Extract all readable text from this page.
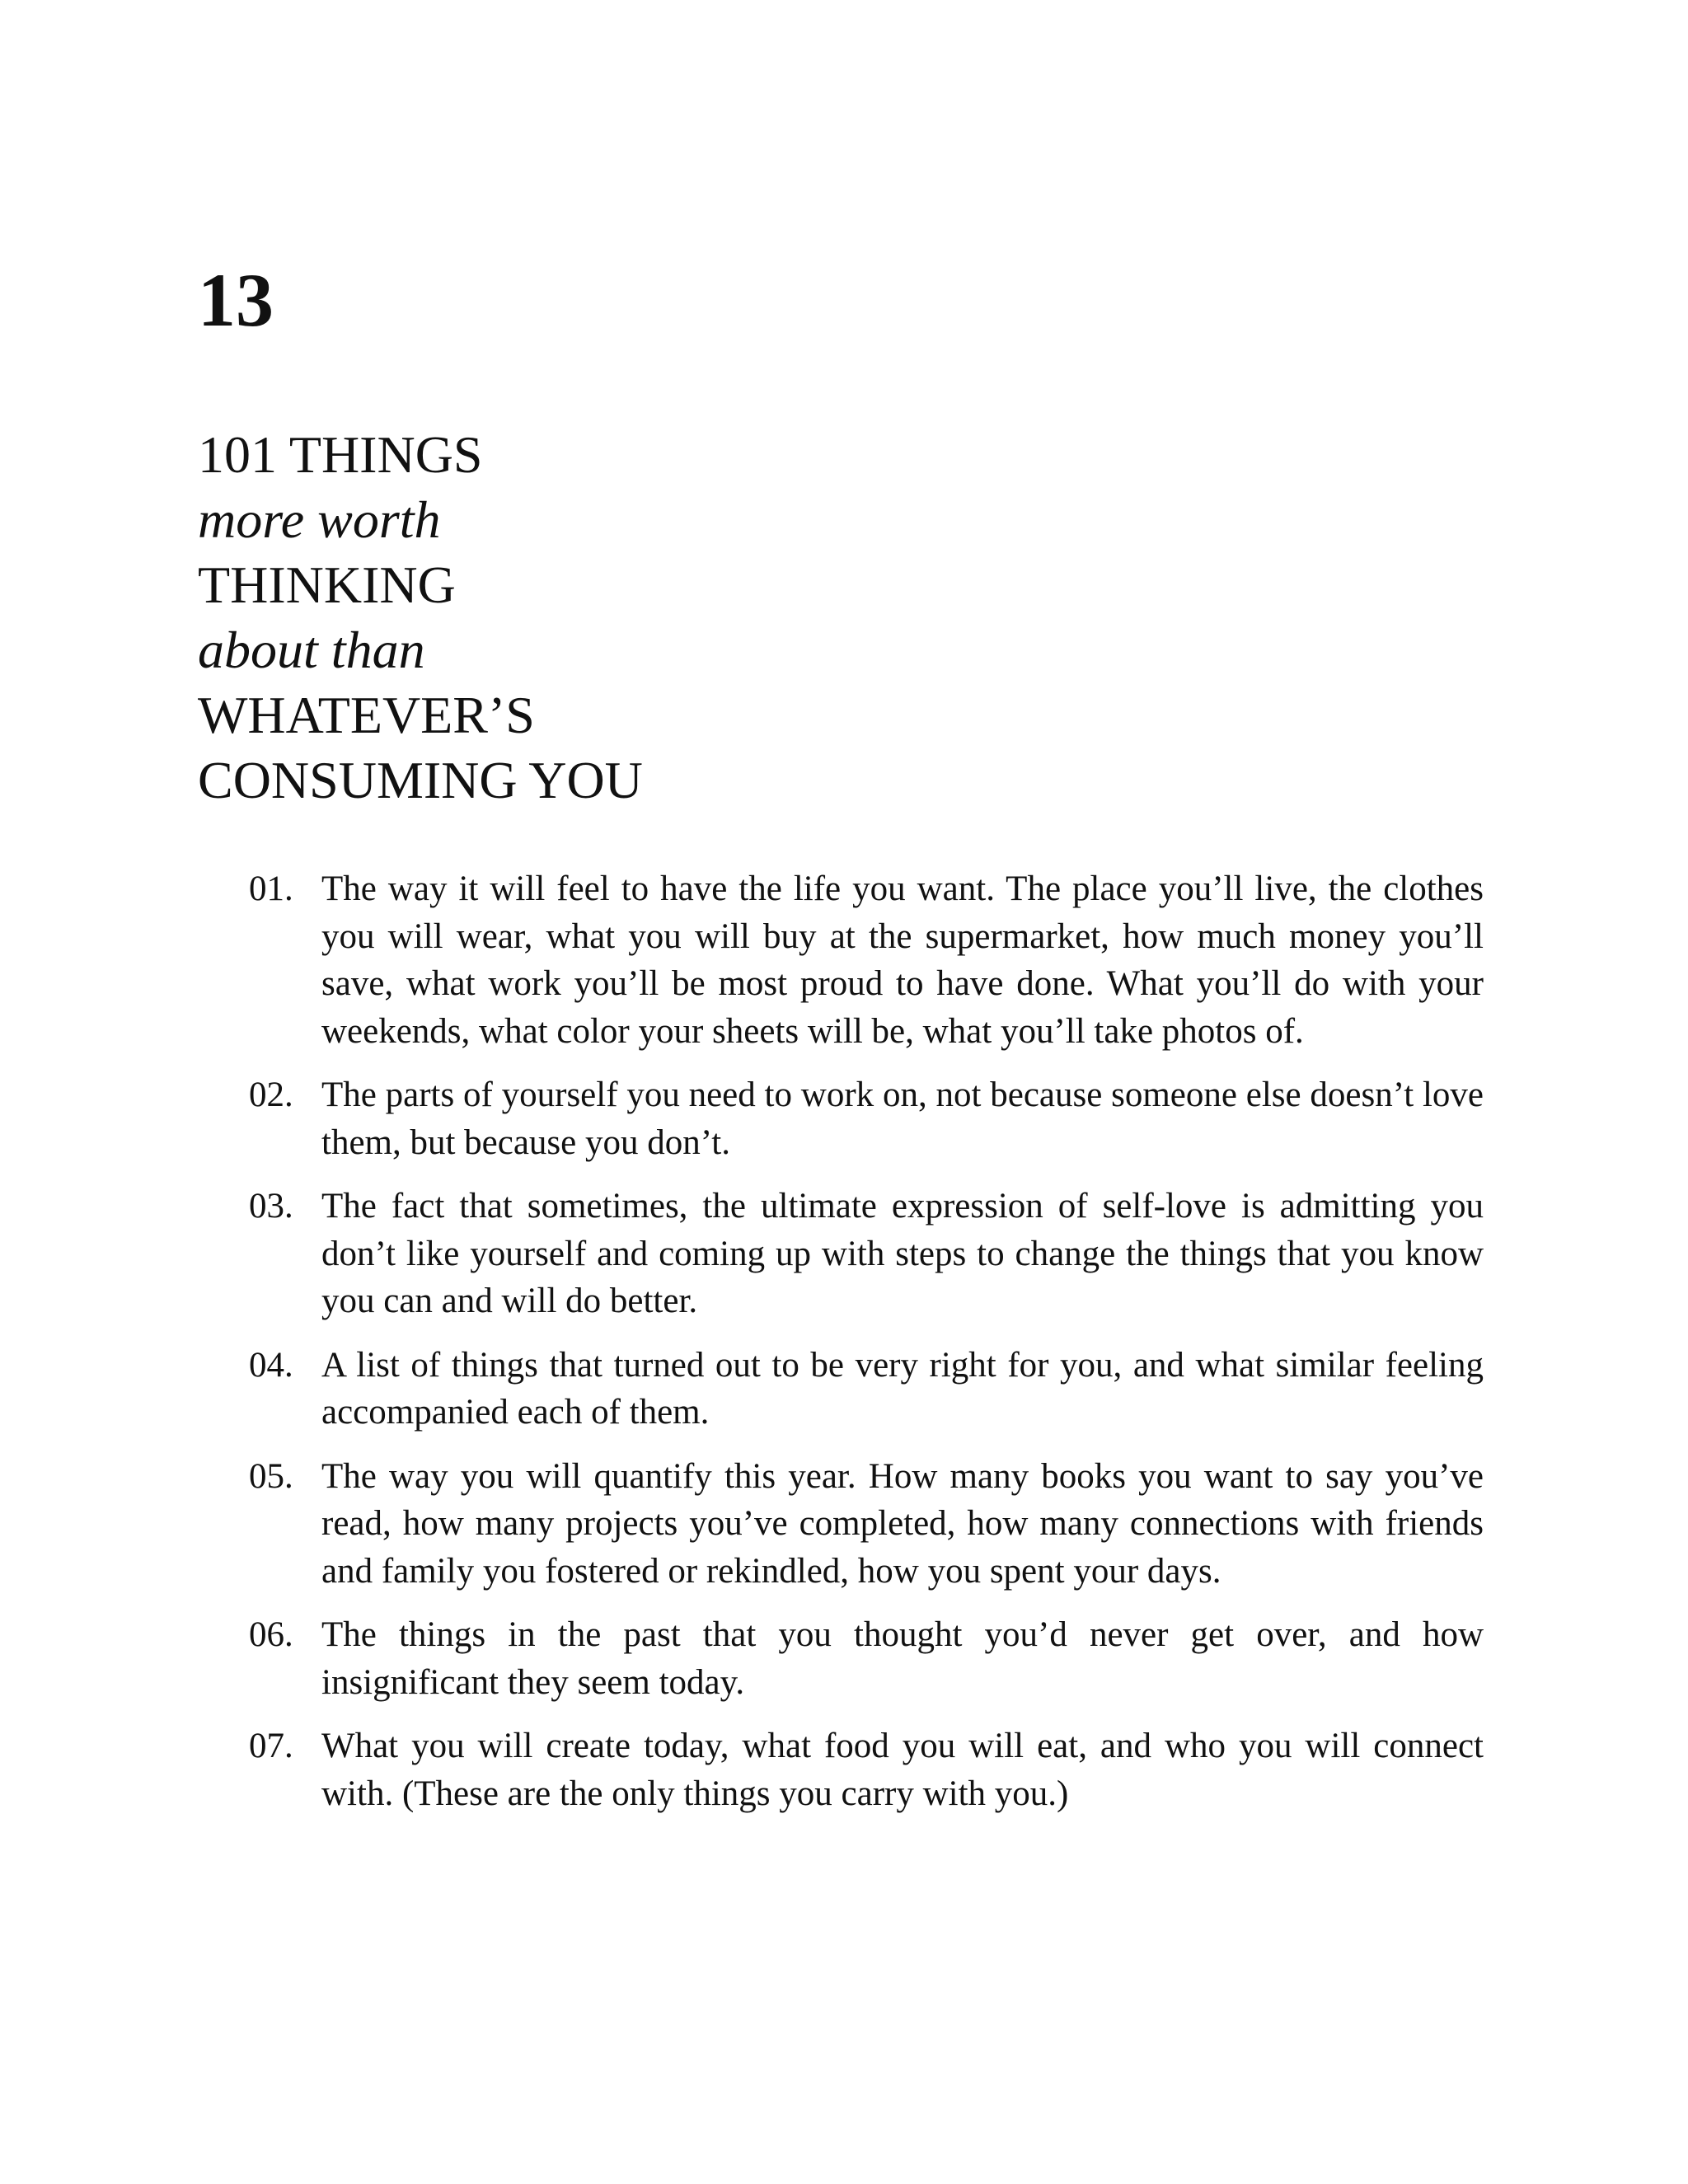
13
101 THINGS
more worth
THINKING
about than
WHATEVER’S
CONSUMING YOU
01. The way it will feel to have the life you want. The place you’ll live, the clothes you will wear, what you will buy at the supermarket, how much money you’ll save, what work you’ll be most proud to have done. What you’ll do with your weekends, what color your sheets will be, what you’ll take photos of.
02. The parts of yourself you need to work on, not because someone else doesn’t love them, but because you don’t.
03. The fact that sometimes, the ultimate expression of self-love is admitting you don’t like yourself and coming up with steps to change the things that you know you can and will do better.
04. A list of things that turned out to be very right for you, and what similar feeling accompanied each of them.
05. The way you will quantify this year. How many books you want to say you’ve read, how many projects you’ve completed, how many connections with friends and family you fostered or rekindled, how you spent your days.
06. The things in the past that you thought you’d never get over, and how insignificant they seem today.
07. What you will create today, what food you will eat, and who you will connect with. (These are the only things you carry with you.)
